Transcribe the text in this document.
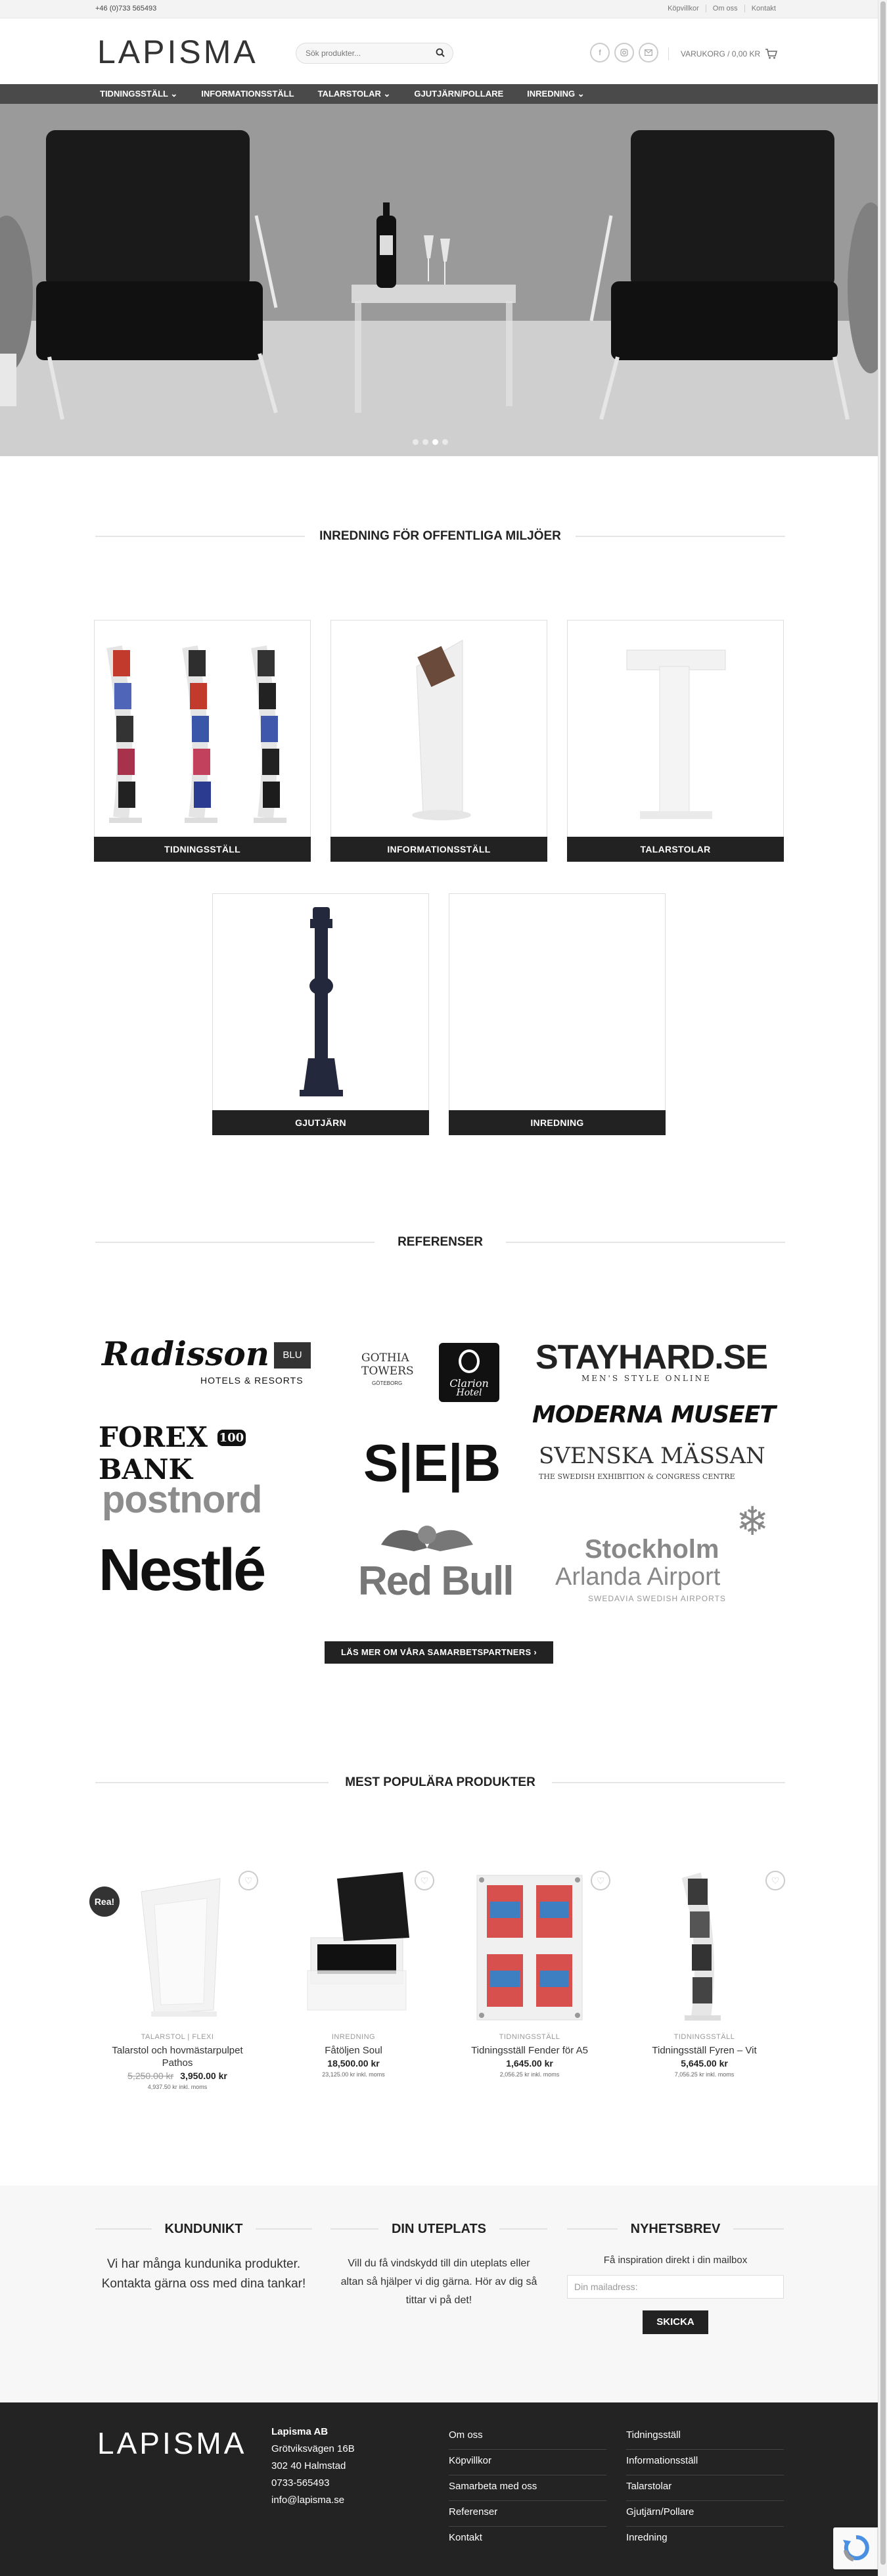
+46 (0)733 565493	Köpvillkor	Om oss	Kontakt
LAPISMA
Sök produkter...	f	VARUKORG / 0,00 KR
TIDNINGSSTÄLL ⌄	INFORMATIONSSTÄLL	TALARSTOLAR ⌄	GJUTJÄRN/POLLARE	INREDNING ⌄
INREDNING FÖR OFFENTLIGA MILJÖER
TIDNINGSSTÄLL	INFORMATIONSSTÄLL	TALARSTOLAR
GJUTJÄRN	INREDNING
REFERENSER
Radisson	BLU
HOTELS & RESORTS
GOTHIA
TOWERS
GÖTEBORG	Clarion
Hotel
STAYHARD.SE
MEN'S STYLE ONLINE
FOREX 100 BANK
MODERNA MUSEET
S|E|B SVENSKA MÄSSAN
THE SWEDISH EXHIBITION & CONGRESS CENTRE
postnord
Nestlé Red Bull
Stockholm
Arlanda Airport
SWEDAVIA SWEDISH AIRPORTS
❄
LÄS MER OM VÅRA SAMARBETSPARTNERS ›
MEST POPULÄRA PRODUKTER
♡
TALARSTOL | FLEXI
Talarstol och hovmästarpulpet
Pathos
5,250.00 kr 3,950.00 kr
4,937.50 kr inkl. moms
Rea!
♡
INREDNING
Fåtöljen Soul
18,500.00 kr
23,125.00 kr inkl. moms
♡
TIDNINGSSTÄLL
Tidningsställ Fender för A5
1,645.00 kr
2,056.25 kr inkl. moms
♡
TIDNINGSSTÄLL
Tidningsställ Fyren – Vit
5,645.00 kr
7,056.25 kr inkl. moms
KUNDUNIKT

Vi har många kundunika produkter.
Kontakta gärna oss med dina tankar!

DIN UTEPLATS

Vill du få vindskydd till din uteplats eller
altan så hjälper vi dig gärna. Hör av dig så
tittar vi på det!

NYHETSBREV
Få inspiration direkt i din mailbox
Din mailadress:
SKICKA
LAPISMA	Lapisma AB
Grötviksvägen 16B
302 40 Halmstad
0733-565493
info@lapisma.se
Om oss
Köpvillkor
Samarbeta med oss
Referenser
Kontakt
Tidningsställ
Informationsställ
Talarstolar
Gjutjärn/Pollare
Inredning
